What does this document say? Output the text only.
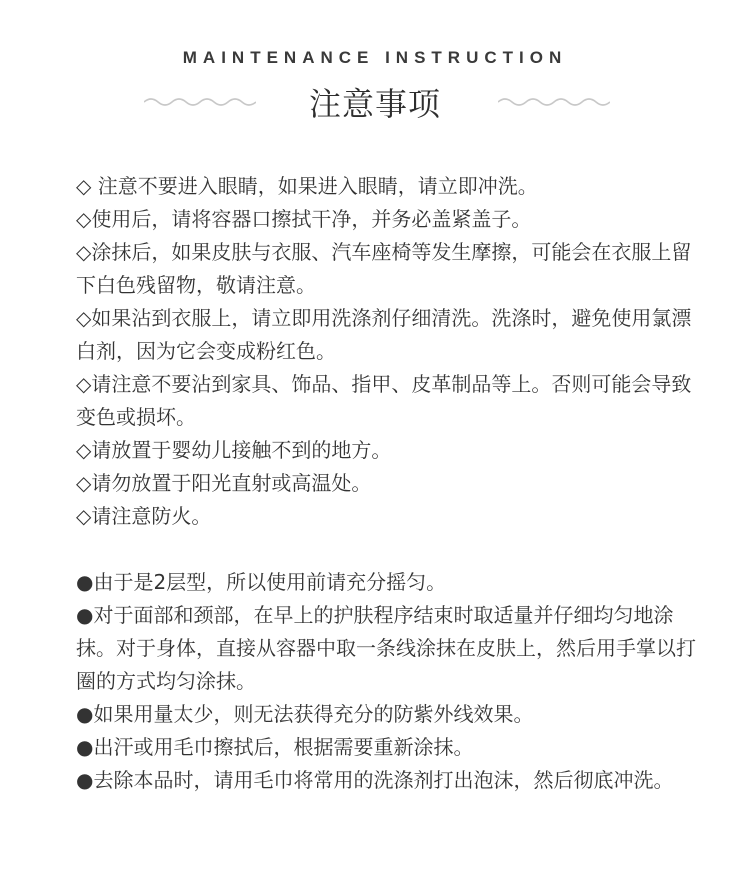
MAINTENANCE INSTRUCTION
注意事项

◇ 注意不要进入眼睛，如果进入眼睛，请立即冲洗。

◇使用后，请将容器口擦拭干净，并务必盖紧盖子。

◇涂抹后，如果皮肤与衣服、汽车座椅等发生摩擦，可能会在衣服上留下白色残留物，敬请注意。

◇如果沾到衣服上，请立即用洗涤剂仔细清洗。洗涤时，避免使用氯漂白剂，因为它会变成粉红色。

◇请注意不要沾到家具、饰品、指甲、皮革制品等上。否则可能会导致变色或损坏。

◇请放置于婴幼儿接触不到的地方。

◇请勿放置于阳光直射或高温处。

◇请注意防火。

●由于是2层型，所以使用前请充分摇匀。

●对于面部和颈部，在早上的护肤程序结束时取适量并仔细均匀地涂抹。对于身体，直接从容器中取一条线涂抹在皮肤上，然后用手掌以打圈的方式均匀涂抹。

●如果用量太少，则无法获得充分的防紫外线效果。

●出汗或用毛巾擦拭后，根据需要重新涂抹。

●去除本品时，请用毛巾将常用的洗涤剂打出泡沫，然后彻底冲洗。
